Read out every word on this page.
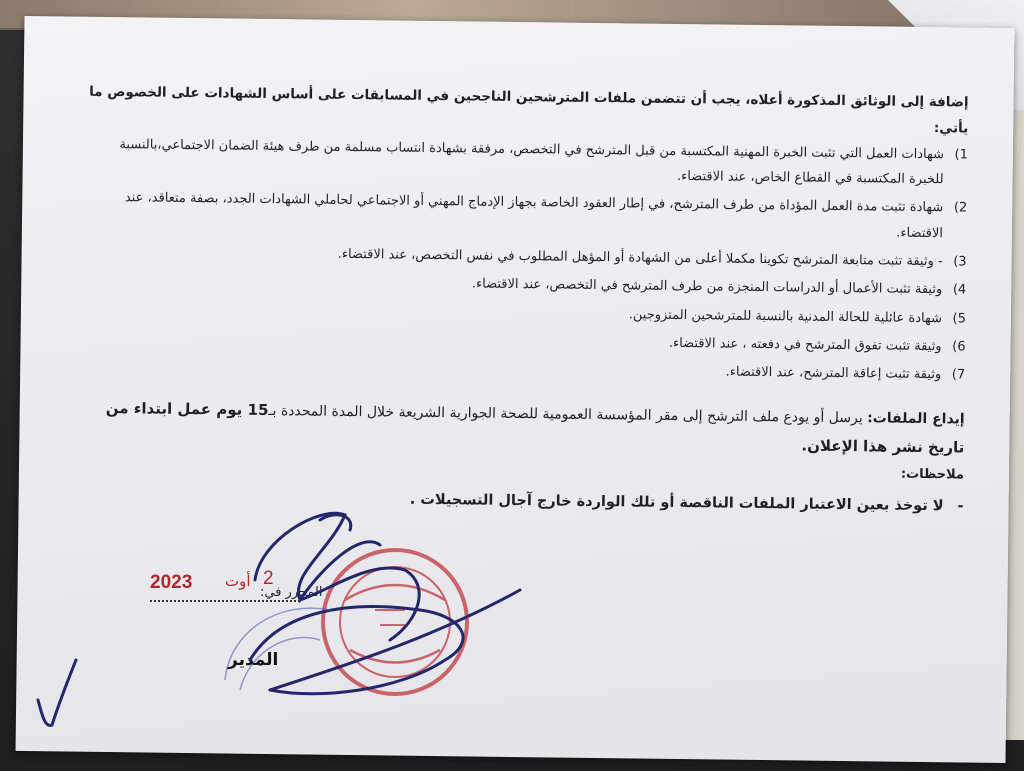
إضافة إلى الوثائق المذكورة أعلاه، يجب أن تتضمن ملفات المترشحين الناجحين في المسابقات على أساس الشهادات على الخصوص ما يأتي:
1)
شهادات العمل التي تثبت الخبرة المهنية المكتسبة من قبل المترشح في التخصص، مرفقة بشهادة انتساب مسلمة من طرف هيئة الضمان الاجتماعي،بالنسبة للخبرة المكتسبة في القطاع الخاص، عند الاقتضاء.
2)
شهادة تثبت مدة العمل المؤداة من طرف المترشح، في إطار العقود الخاصة بجهاز الإدماج المهني أو الاجتماعي لحاملي الشهادات الجدد، بصفة متعاقد، عند الاقتضاء.
3)
- وثيقة تثبت متابعة المترشح تكوينا مكملا أعلى من الشهادة أو المؤهل المطلوب في نفس التخصص، عند الاقتضاء.
4)
وثيقة تثبت الأعمال أو الدراسات المنجزة من طرف المترشح في التخصص، عند الاقتضاء.
5)
شهادة عائلية للحالة المدنية بالنسبة للمترشحين المتزوجين.
6)
وثيقة تثبت تفوق المترشح في دفعته ، عند الاقتضاء.
7)
وثيقة تثبت إعاقة المترشح، عند الاقتضاء.
إيداع الملفات: يرسل أو يودع ملف الترشح إلى مقر المؤسسة العمومية للصحة الجوارية الشريعة خلال المدة المحددة بـ15 يوم عمل ابتداء من تاريخ نشر هذا الإعلان.
ملاحظات:
-
لا توخذ بعين الاعتبار الملفات الناقصة أو تلك الواردة خارج آجال التسجيلات .
2023 أوت 2
المحرر في:
المدير
